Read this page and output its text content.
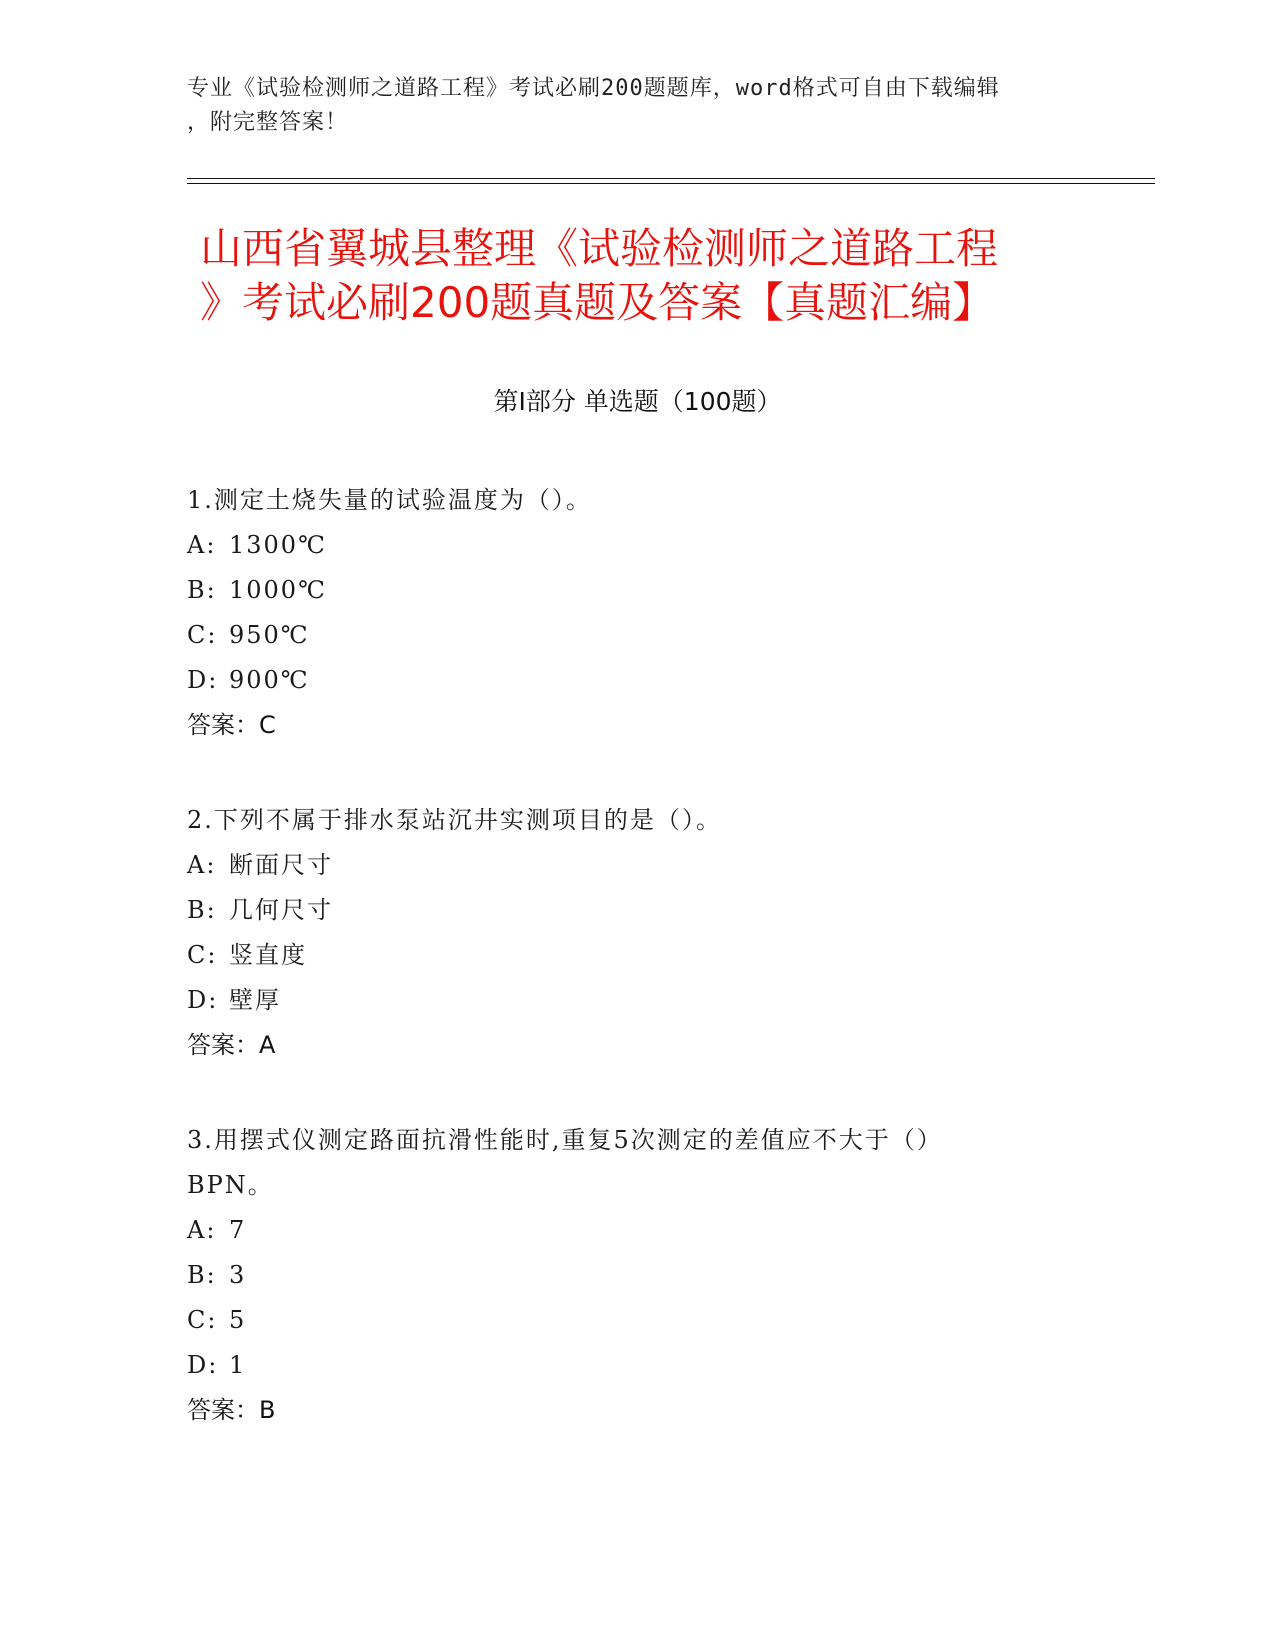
专业《试验检测师之道路工程》考试必刷200题题库，word格式可自由下载编辑
，附完整答案！
山西省翼城县整理《试验检测师之道路工程
》考试必刷200题真题及答案【真题汇编】
第I部分 单选题（100题）
1.测定土烧失量的试验温度为（）。
A: 1300℃
B: 1000℃
C: 950℃
D: 900℃
答案：C
2.下列不属于排水泵站沉井实测项目的是（）。
A: 断面尺寸
B: 几何尺寸
C: 竖直度
D: 壁厚
答案：A
3.用摆式仪测定路面抗滑性能时,重复5次测定的差值应不大于（）
BPN。
A: 7
B: 3
C: 5
D: 1
答案：B
